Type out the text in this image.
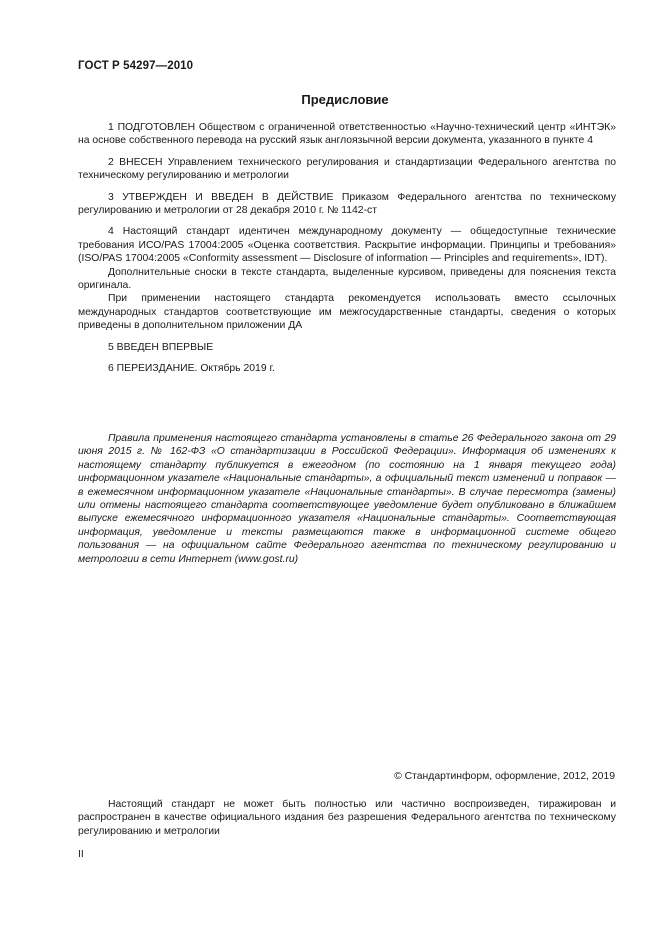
ГОСТ Р 54297—2010
Предисловие

1 ПОДГОТОВЛЕН Обществом с ограниченной ответственностью «Научно-технический центр «ИНТЭК» на основе собственного перевода на русский язык англоязычной версии документа, указанного в пункте 4

2 ВНЕСЕН Управлением технического регулирования и стандартизации Федерального агентства по техническому регулированию и метрологии

3 УТВЕРЖДЕН И ВВЕДЕН В ДЕЙСТВИЕ Приказом Федерального агентства по техническому регулированию и метрологии от 28 декабря 2010 г. № 1142-ст

4 Настоящий стандарт идентичен международному документу — общедоступные технические требования ИСО/PAS 17004:2005 «Оценка соответствия. Раскрытие информации. Принципы и требования» (ISO/PAS 17004:2005 «Conformity assessment — Disclosure of information — Principles and requirements», IDT).

Дополнительные сноски в тексте стандарта, выделенные курсивом, приведены для пояснения текста оригинала.

При применении настоящего стандарта рекомендуется использовать вместо ссылочных международных стандартов соответствующие им межгосударственные стандарты, сведения о которых приведены в дополнительном приложении ДА

5 ВВЕДЕН ВПЕРВЫЕ

6 ПЕРЕИЗДАНИЕ. Октябрь 2019 г.

Правила применения настоящего стандарта установлены в статье 26 Федерального закона от 29 июня 2015 г. № 162-ФЗ «О стандартизации в Российской Федерации». Информация об изменениях к настоящему стандарту публикуется в ежегодном (по состоянию на 1 января текущего года) информационном указателе «Национальные стандарты», а официальный текст изменений и поправок — в ежемесячном информационном указателе «Национальные стандарты». В случае пересмотра (замены) или отмены настоящего стандарта соответствующее уведомление будет опубликовано в ближайшем выпуске ежемесячного информационного указателя «Национальные стандарты». Соответствующая информация, уведомление и тексты размещаются также в информационной системе общего пользования — на официальном сайте Федерального агентства по техническому регулированию и метрологии в сети Интернет (www.gost.ru)

© Стандартинформ, оформление, 2012, 2019

Настоящий стандарт не может быть полностью или частично воспроизведен, тиражирован и распространен в качестве официального издания без разрешения Федерального агентства по техническому регулированию и метрологии

II
